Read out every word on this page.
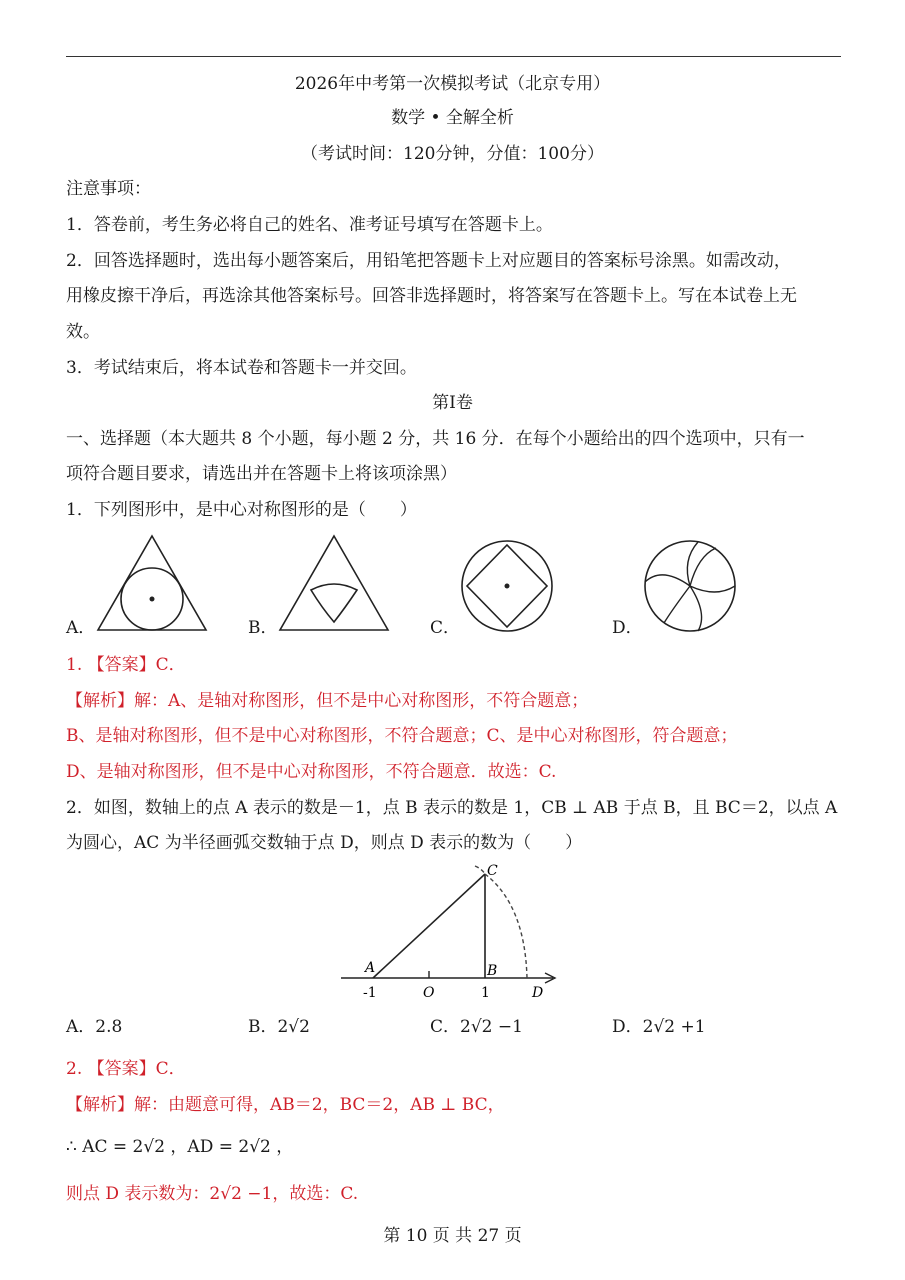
2026年中考第一次模拟考试（北京专用）
数学 • 全解全析
（考试时间：120分钟，分值：100分）
注意事项：
1．答卷前，考生务必将自己的姓名、准考证号填写在答题卡上。
2．回答选择题时，选出每小题答案后，用铅笔把答题卡上对应题目的答案标号涂黑。如需改动，
用橡皮擦干净后，再选涂其他答案标号。回答非选择题时，将答案写在答题卡上。写在本试卷上无
效。
3．考试结束后，将本试卷和答题卡一并交回。
第Ⅰ卷
一、选择题（本大题共 8 个小题，每小题 2 分，共 16 分．在每个小题给出的四个选项中，只有一
项符合题目要求，请选出并在答题卡上将该项涂黑）
1．下列图形中，是中心对称图形的是（　　）
A．	B．	C．	D．
1. 【答案】C．
【解析】解：A、是轴对称图形，但不是中心对称图形，不符合题意；
B、是轴对称图形，但不是中心对称图形，不符合题意；C、是中心对称图形，符合题意；
D、是轴对称图形，但不是中心对称图形，不符合题意．故选：C.
2．如图，数轴上的点 A 表示的数是－1，点 B 表示的数是 1，CB ⊥ AB 于点 B，且 BC＝2，以点 A
为圆心，AC 为半径画弧交数轴于点 D，则点 D 表示的数为（　　）
A
C
B
O	D
-1	1
A．2.8	B．2√2	C．2√2 −1	D．2√2 +1
2. 【答案】C．
【解析】解：由题意可得，AB＝2，BC＝2，AB ⊥ BC，
∴ AC = 2√2 ，AD = 2√2 ，
则点 D 表示数为：2√2 −1，故选：C.
第 10 页 共 27 页
